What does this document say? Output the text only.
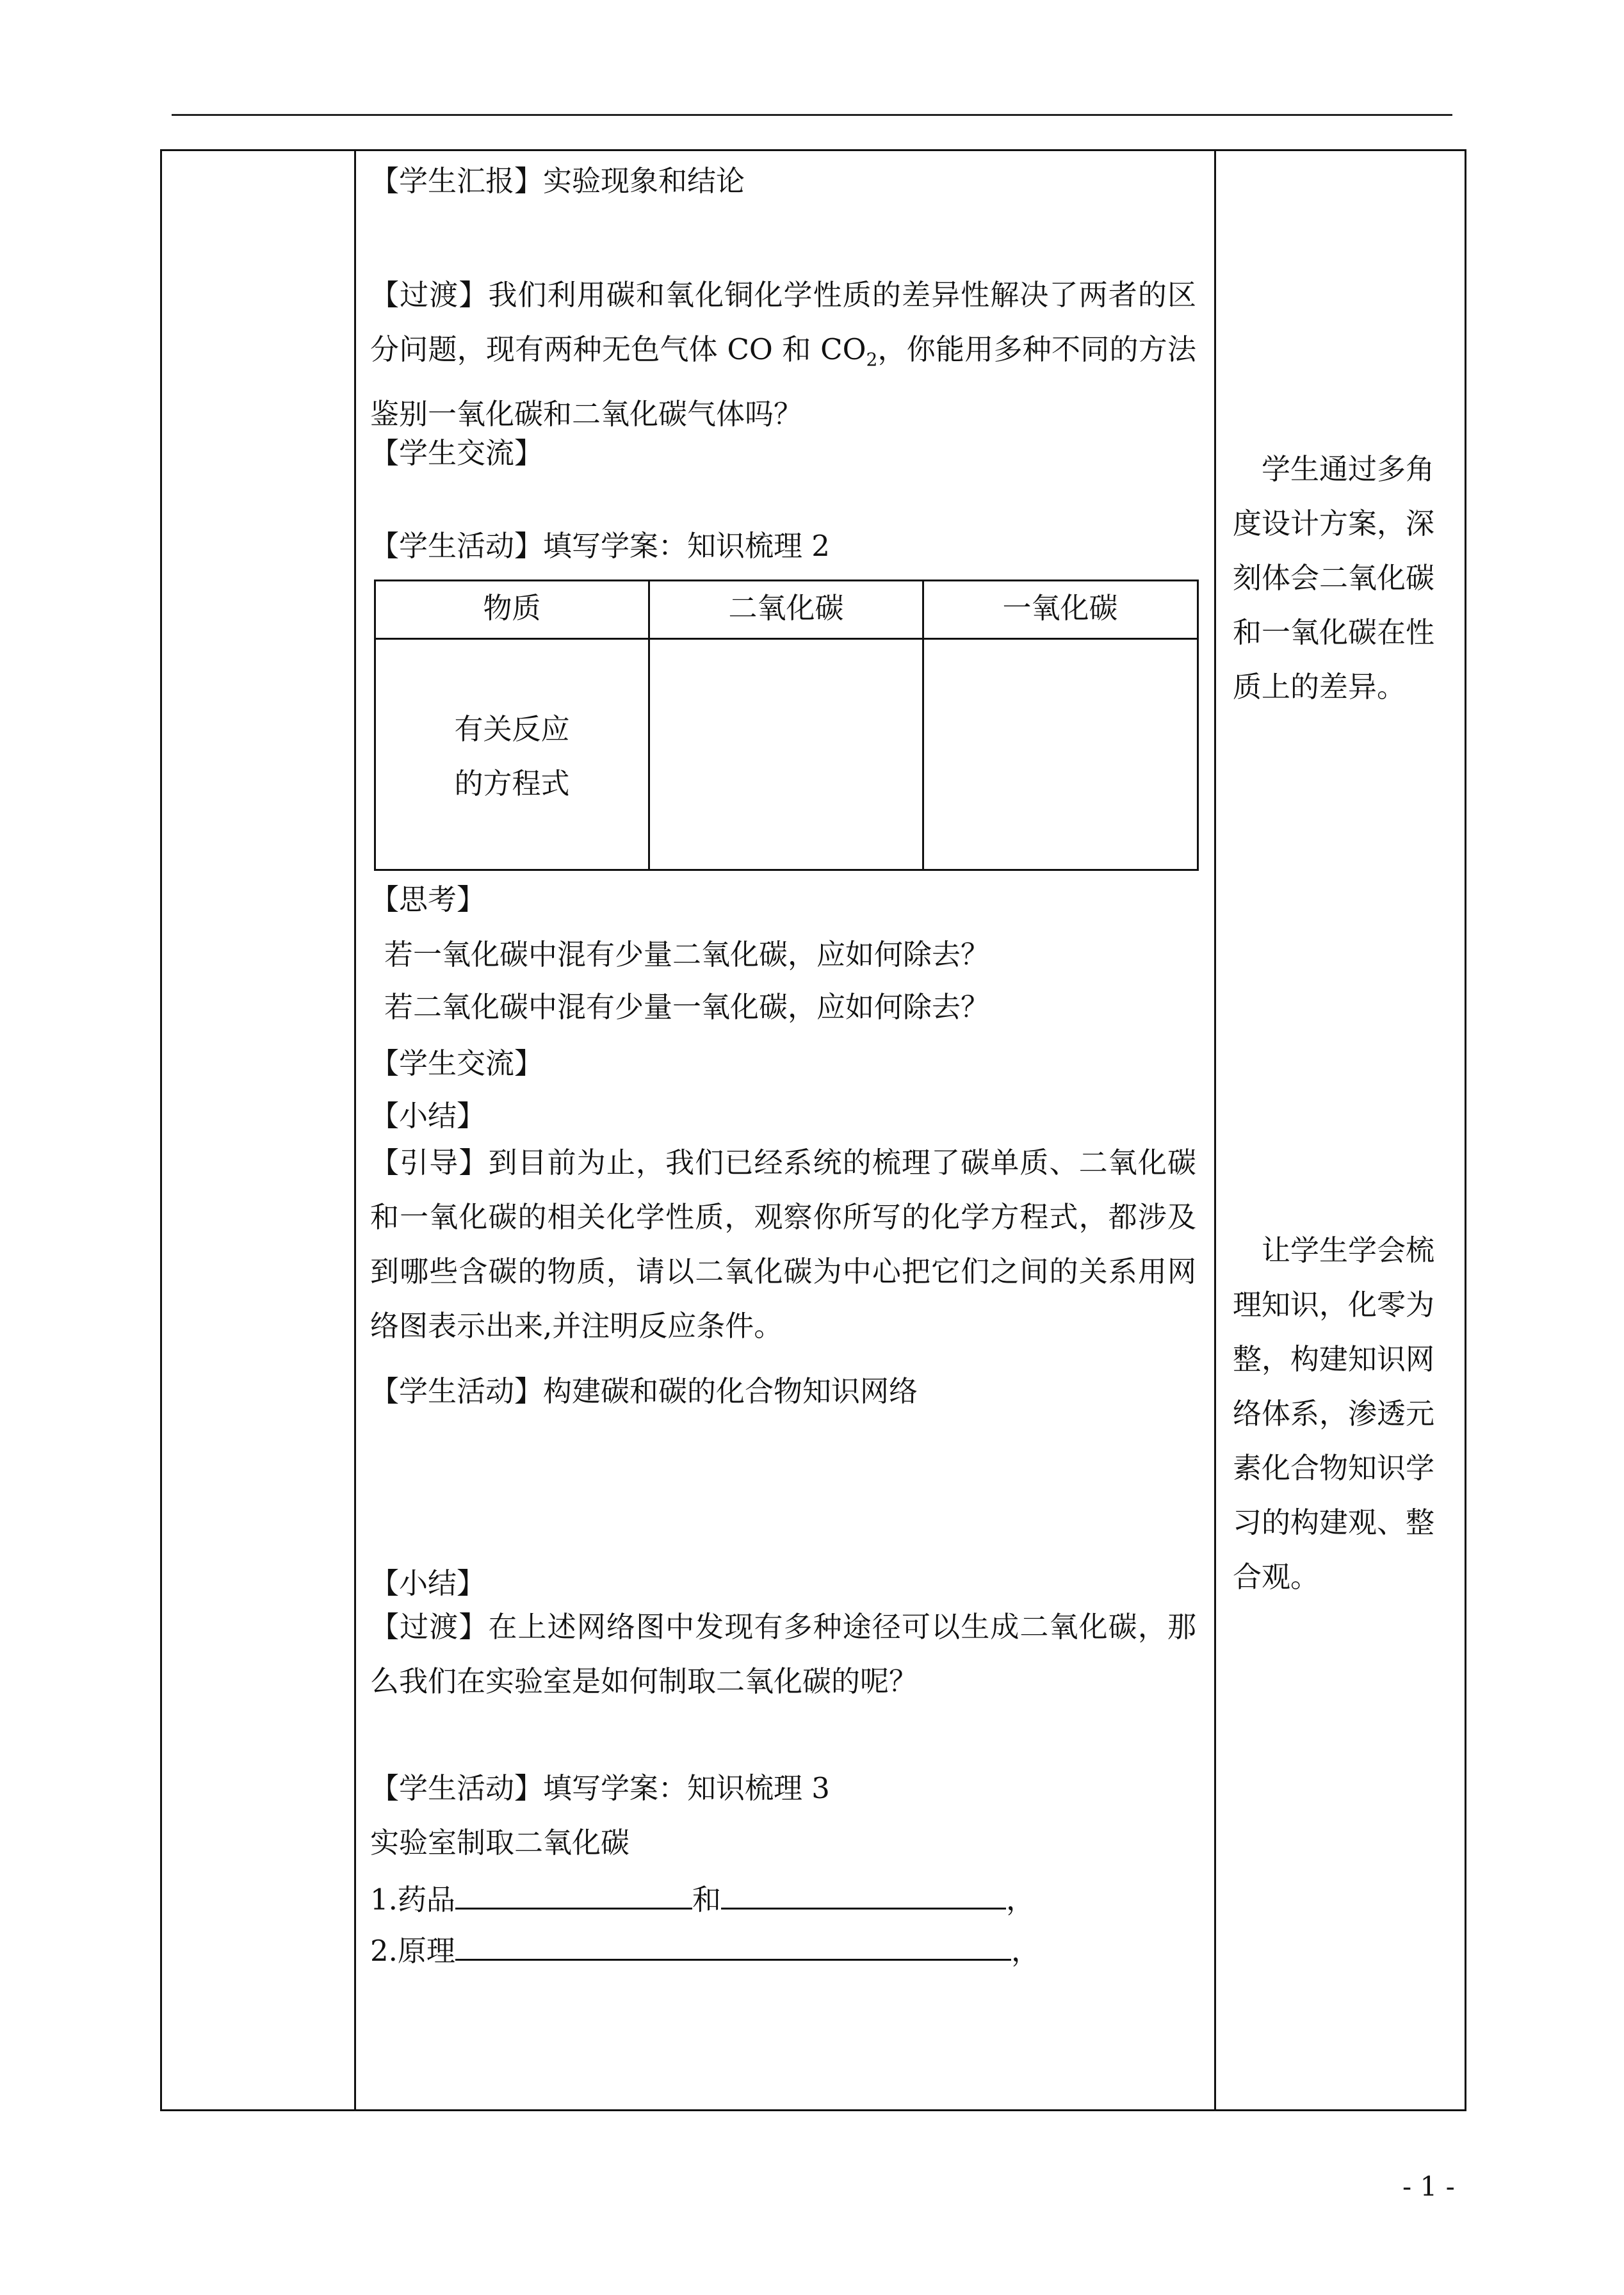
【学生汇报】实验现象和结论
【过渡】我们利用碳和氧化铜化学性质的差异性解决了两者的区分问题，现有两种无色气体 CO 和 $CO_2$，你能用多种不同的方法鉴别一氧化碳和二氧化碳气体吗？
【学生交流】
【学生活动】填写学案：知识梳理 2
物质	二氧化碳	一氧化碳
有关反应
的方程式
【思考】
若一氧化碳中混有少量二氧化碳，应如何除去？
若二氧化碳中混有少量一氧化碳，应如何除去？
【学生交流】
【小结】
【引导】到目前为止，我们已经系统的梳理了碳单质、二氧化碳和一氧化碳的相关化学性质，观察你所写的化学方程式，都涉及到哪些含碳的物质，请以二氧化碳为中心把它们之间的关系用网络图表示出来,并注明反应条件。
【学生活动】构建碳和碳的化合物知识网络
【小结】
【过渡】在上述网络图中发现有多种途径可以生成二氧化碳，那么我们在实验室是如何制取二氧化碳的呢？
【学生活动】填写学案：知识梳理 3
实验室制取二氧化碳
1.药品	和	，
2.原理	，
学生通过多角度设计方案，深刻体会二氧化碳和一氧化碳在性质上的差异。
让学生学会梳理知识，化零为整，构建知识网络体系，渗透元素化合物知识学习的构建观、整合观。
- 1 -
